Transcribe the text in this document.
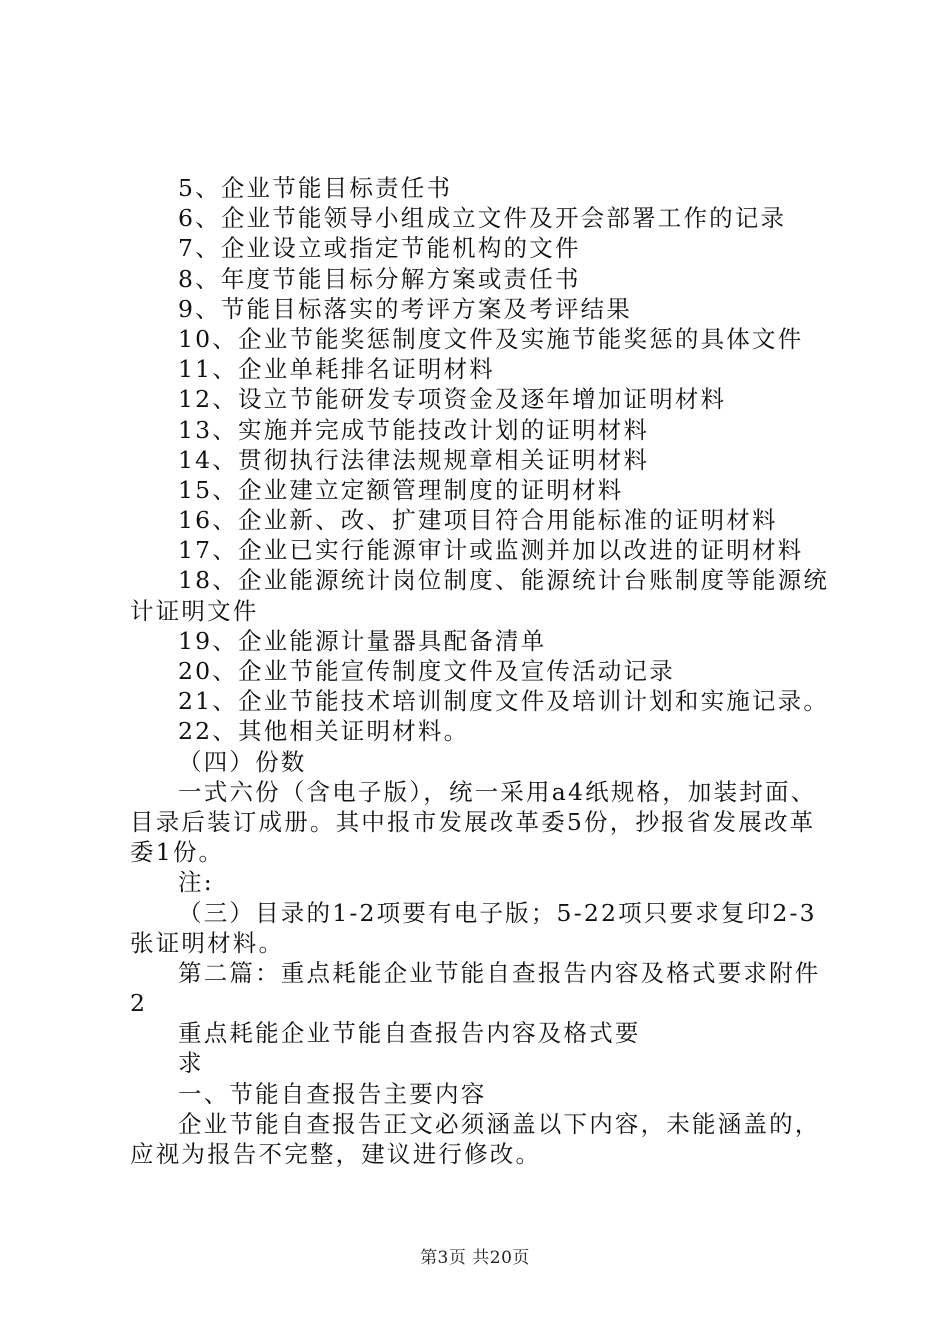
5、企业节能目标责任书
6、企业节能领导小组成立文件及开会部署工作的记录
7、企业设立或指定节能机构的文件
8、年度节能目标分解方案或责任书
9、节能目标落实的考评方案及考评结果
10、企业节能奖惩制度文件及实施节能奖惩的具体文件
11、企业单耗排名证明材料
12、设立节能研发专项资金及逐年增加证明材料
13、实施并完成节能技改计划的证明材料
14、贯彻执行法律法规规章相关证明材料
15、企业建立定额管理制度的证明材料
16、企业新、改、扩建项目符合用能标准的证明材料
17、企业已实行能源审计或监测并加以改进的证明材料
18、企业能源统计岗位制度、能源统计台账制度等能源统
计证明文件
19、企业能源计量器具配备清单
20、企业节能宣传制度文件及宣传活动记录
21、企业节能技术培训制度文件及培训计划和实施记录。
22、其他相关证明材料。
（四）份数
一式六份（含电子版），统一采用a4纸规格，加装封面、
目录后装订成册。其中报市发展改革委5份，抄报省发展改革
委1份。
注:
（三）目录的1-2项要有电子版；5-22项只要求复印2-3
张证明材料。
第二篇：重点耗能企业节能自查报告内容及格式要求附件
2
重点耗能企业节能自查报告内容及格式要
求
一、节能自查报告主要内容
企业节能自查报告正文必须涵盖以下内容，未能涵盖的，
应视为报告不完整，建议进行修改。
第3页 共20页
